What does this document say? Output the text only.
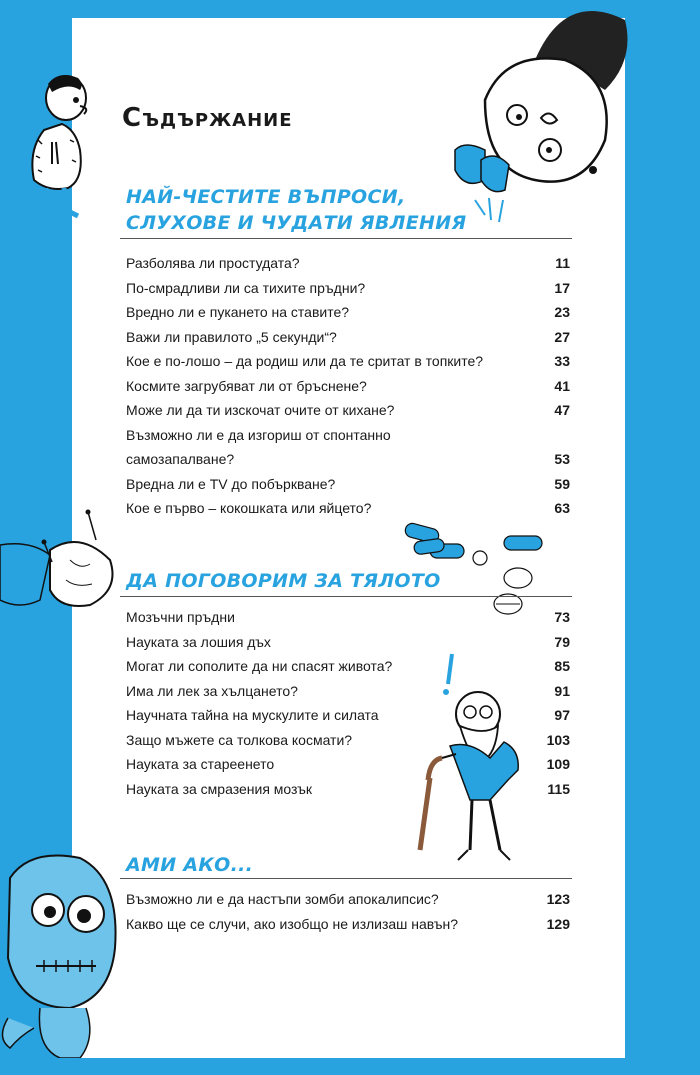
Съдържание
НАЙ-ЧЕСТИТЕ ВЪПРОСИ,
СЛУХОВЕ И ЧУДАТИ ЯВЛЕНИЯ
Разболява ли простудата?	11
По-смрадливи ли са тихите пръдни?	17
Вредно ли е пукането на ставите?	23
Важи ли правилото „5 секунди“?	27
Кое е по-лошо – да родиш или да те сритат в топките?	33
Космите загрубяват ли от бръснене?	41
Може ли да ти изскочат очите от кихане?	47
Възможно ли е да изгориш от спонтанно
самозапалване?	53
Вредна ли е TV до побъркване?	59
Кое е първо – кокошката или яйцето?	63
ДА ПОГОВОРИМ ЗА ТЯЛОТО
Мозъчни пръдни	73
Науката за лошия дъх	79
Могат ли сополите да ни спасят живота?	85
Има ли лек за хълцането?	91
Научната тайна на мускулите и силата	97
Защо мъжете са толкова космати?	103
Науката за стареенето	109
Науката за смразения мозък	115
АМИ АКО...
Възможно ли е да настъпи зомби апокалипсис?	123
Какво ще се случи, ако изобщо не излизаш навън?	129
